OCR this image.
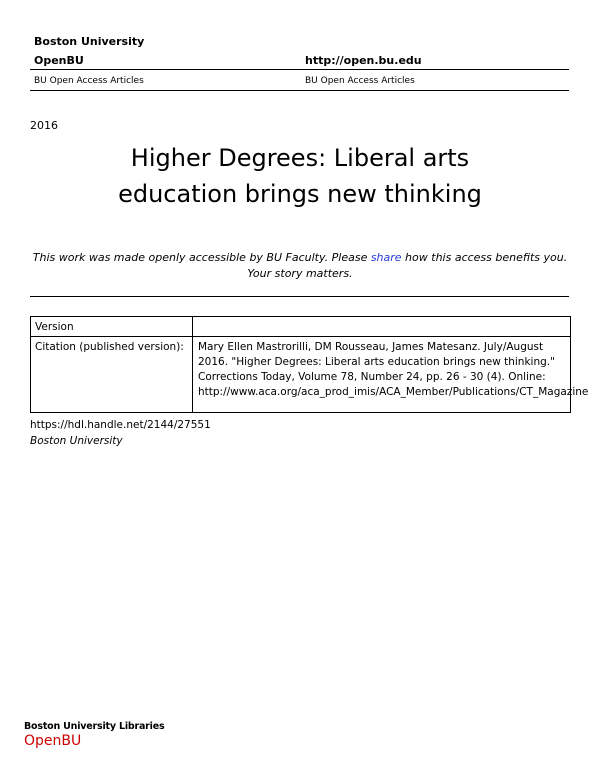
Boston University
OpenBU	http://open.bu.edu
BU Open Access Articles	BU Open Access Articles
2016
Higher Degrees: Liberal arts
education brings new thinking
This work was made openly accessible by BU Faculty. Please share how this access benefits you.
Your story matters.
Version
Citation (published version): Mary Ellen Mastrorilli, DM Rousseau, James Matesanz. July/August
2016. "Higher Degrees: Liberal arts education brings new thinking."
Corrections Today, Volume 78, Number 24, pp. 26 - 30 (4). Online:
http://www.aca.org/aca_prod_imis/ACA_Member/Publications/CT_Magazine
https://hdl.handle.net/2144/27551
Boston University
Boston University Libraries
OpenBU
